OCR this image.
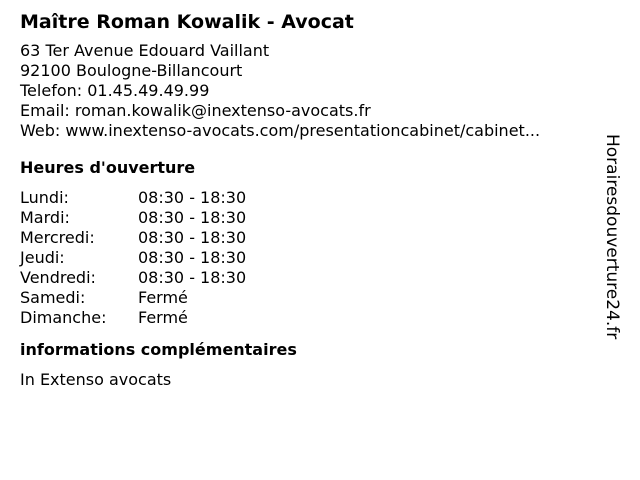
Maître Roman Kowalik - Avocat
63 Ter Avenue Edouard Vaillant
92100 Boulogne-Billancourt
Telefon: 01.45.49.49.99
Email: roman.kowalik@inextenso-avocats.fr
Web: www.inextenso-avocats.com/presentationcabinet/cabinet...
Heures d'ouverture
Lundi:	08:30 - 18:30
Mardi:	08:30 - 18:30
Mercredi:	08:30 - 18:30
Jeudi:	08:30 - 18:30
Vendredi:	08:30 - 18:30
Samedi:	Fermé
Dimanche:	Fermé
informations complémentaires
In Extenso avocats
Horairesdouverture24.fr
